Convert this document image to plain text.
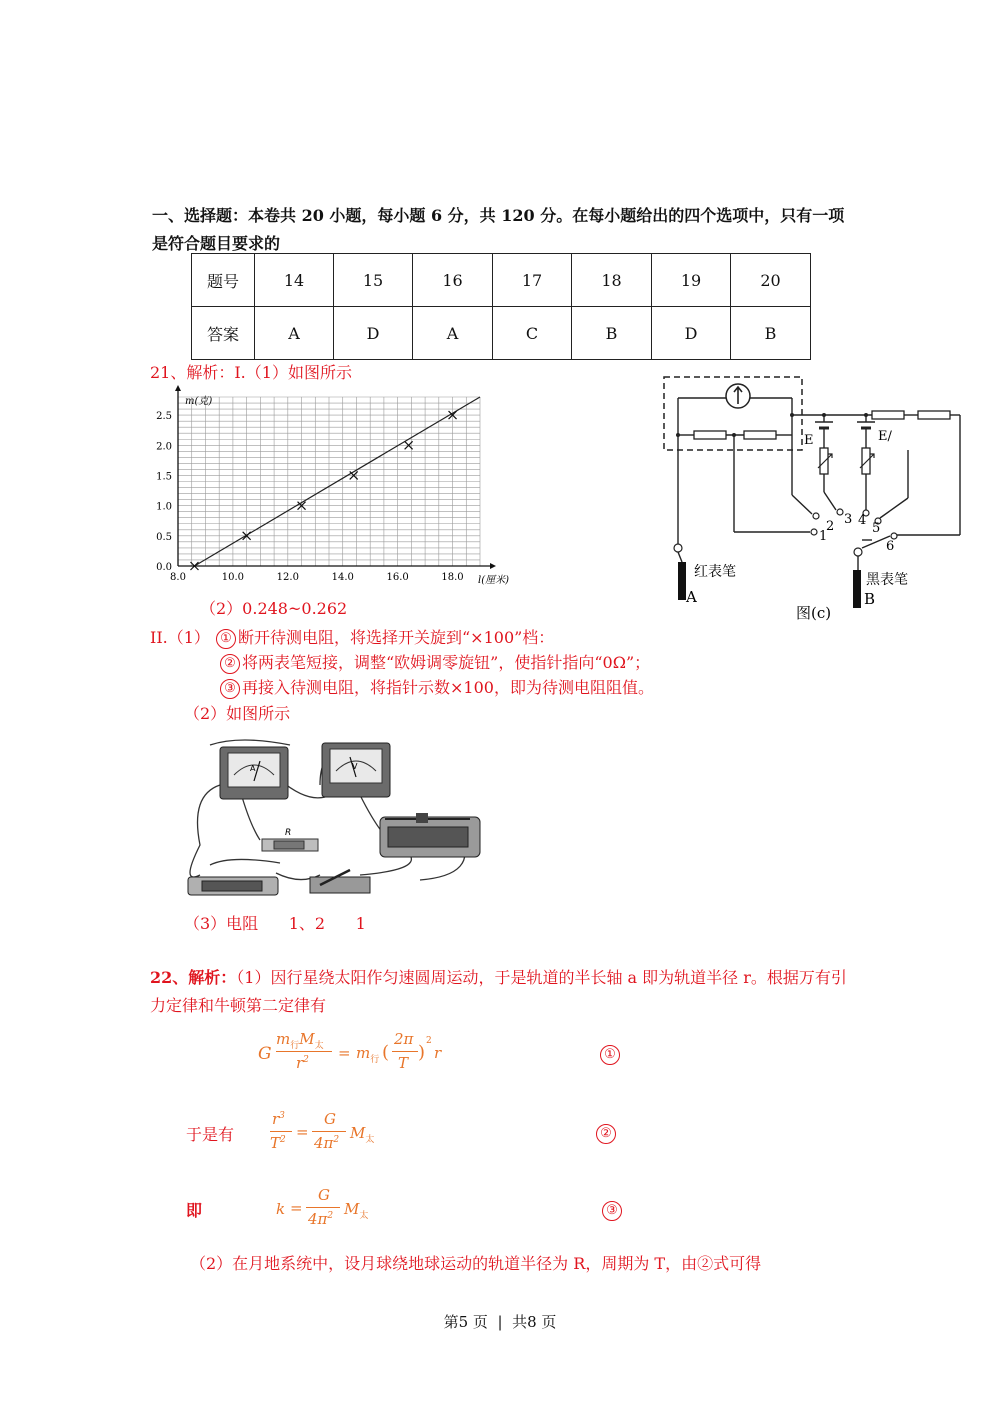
一、选择题：本卷共 20 小题，每小题 6 分，共 120 分。在每小题给出的四个选项中，只有一项是符合题目要求的
题号	14	15	16	17	18	19	20
答案	A	D	A	C	B	D	B
21、解析：I.（1）如图所示
8.0	10.0	12.0	14.0	16.0	18.0
0.0
0.5
1.0
1.5
2.0
2.5
m(克)
l(厘米)
（2）0.248~0.262
E	E/
1
2 3 4
5
6
红表笔
A
黑表笔
B
图(c)
II.（1） ① 断开待测电阻，将选择开关旋到“×100”档：
② 将两表笔短接，调整“欧姆调零旋钮”，使指针指向“0Ω”；
③ 再接入待测电阻，将指针示数×100，即为待测电阻阻值。
（2）如图所示
A	V
R
（3）电阻      1、2      1
22、解析：（1）因行星绕太阳作匀速圆周运动，于是轨道的半长轴 a 即为轨道半径 r。根据万有引力定律和牛顿第二定律有
G
$m_行M_太$
$r^2 = m_行$ (
2π
T )
2
r	①
于是有
$r^3$
$T^2$ =
G
$4\pi^2$ $M_太$	②
即	k =
G
$4\pi^2$ $M_太$	③
（2）在月地系统中，设月球绕地球运动的轨道半径为 R，周期为 T，由②式可得
第5 页  |  共8 页
